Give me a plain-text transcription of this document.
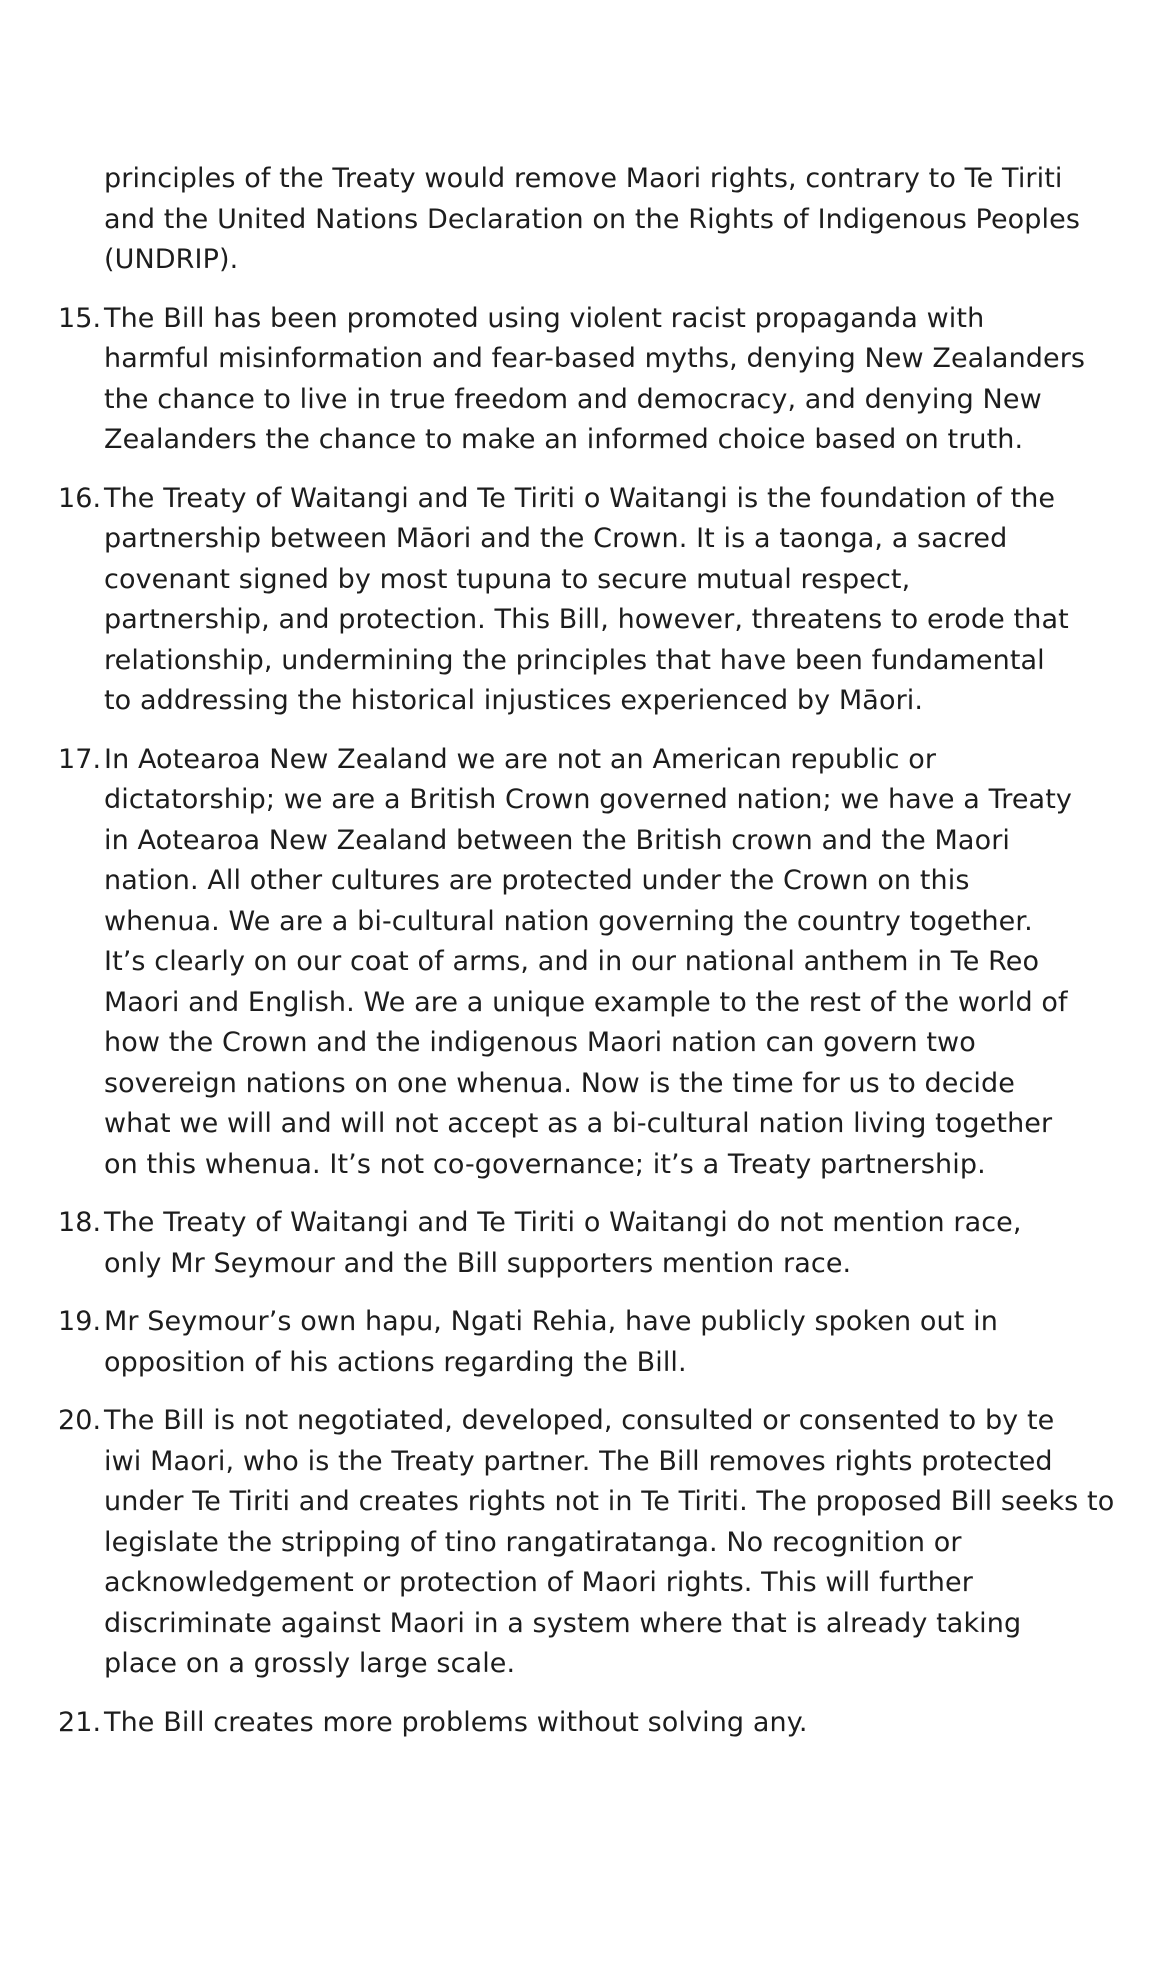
principles of the Treaty would remove Maori rights, contrary to Te Tiriti
and the United Nations Declaration on the Rights of Indigenous Peoples
(UNDRIP).
15. The Bill has been promoted using violent racist propaganda with
harmful misinformation and fear-based myths, denying New Zealanders
the chance to live in true freedom and democracy, and denying New
Zealanders the chance to make an informed choice based on truth.
16. The Treaty of Waitangi and Te Tiriti o Waitangi is the foundation of the
partnership between Māori and the Crown. It is a taonga, a sacred
covenant signed by most tupuna to secure mutual respect,
partnership, and protection. This Bill, however, threatens to erode that
relationship, undermining the principles that have been fundamental
to addressing the historical injustices experienced by Māori.
17. In Aotearoa New Zealand we are not an American republic or
dictatorship; we are a British Crown governed nation; we have a Treaty
in Aotearoa New Zealand between the British crown and the Maori
nation. All other cultures are protected under the Crown on this
whenua. We are a bi-cultural nation governing the country together.
It’s clearly on our coat of arms, and in our national anthem in Te Reo
Maori and English. We are a unique example to the rest of the world of
how the Crown and the indigenous Maori nation can govern two
sovereign nations on one whenua. Now is the time for us to decide
what we will and will not accept as a bi-cultural nation living together
on this whenua. It’s not co-governance; it’s a Treaty partnership.
18. The Treaty of Waitangi and Te Tiriti o Waitangi do not mention race,
only Mr Seymour and the Bill supporters mention race.
19. Mr Seymour’s own hapu, Ngati Rehia, have publicly spoken out in
opposition of his actions regarding the Bill.
20. The Bill is not negotiated, developed, consulted or consented to by te
iwi Maori, who is the Treaty partner. The Bill removes rights protected
under Te Tiriti and creates rights not in Te Tiriti. The proposed Bill seeks to
legislate the stripping of tino rangatiratanga. No recognition or
acknowledgement or protection of Maori rights. This will further
discriminate against Maori in a system where that is already taking
place on a grossly large scale.
21. The Bill creates more problems without solving any.
